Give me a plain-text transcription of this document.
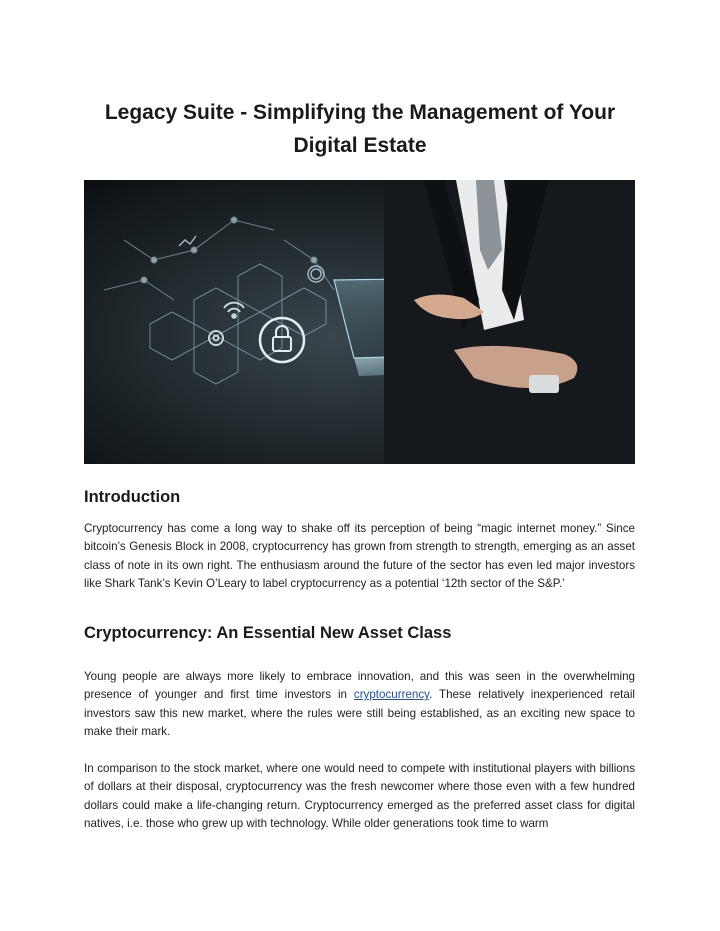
Legacy Suite - Simplifying the Management of Your
Digital Estate
Introduction

Cryptocurrency has come a long way to shake off its perception of being “magic internet money.” Since bitcoin’s Genesis Block in 2008, cryptocurrency has grown from strength to strength, emerging as an asset class of note in its own right. The enthusiasm around the future of the sector has even led major investors like Shark Tank’s Kevin O’Leary to label cryptocurrency as a potential ‘12th sector of the S&P.’

Cryptocurrency: An Essential New Asset Class

Young people are always more likely to embrace innovation, and this was seen in the overwhelming presence of younger and first time investors in cryptocurrency. These relatively inexperienced retail investors saw this new market, where the rules were still being established, as an exciting new space to make their mark.

In comparison to the stock market, where one would need to compete with institutional players with billions of dollars at their disposal, cryptocurrency was the fresh newcomer where those even with a few hundred dollars could make a life-changing return. Cryptocurrency emerged as the preferred asset class for digital natives, i.e. those who grew up with technology. While older generations took time to warm
